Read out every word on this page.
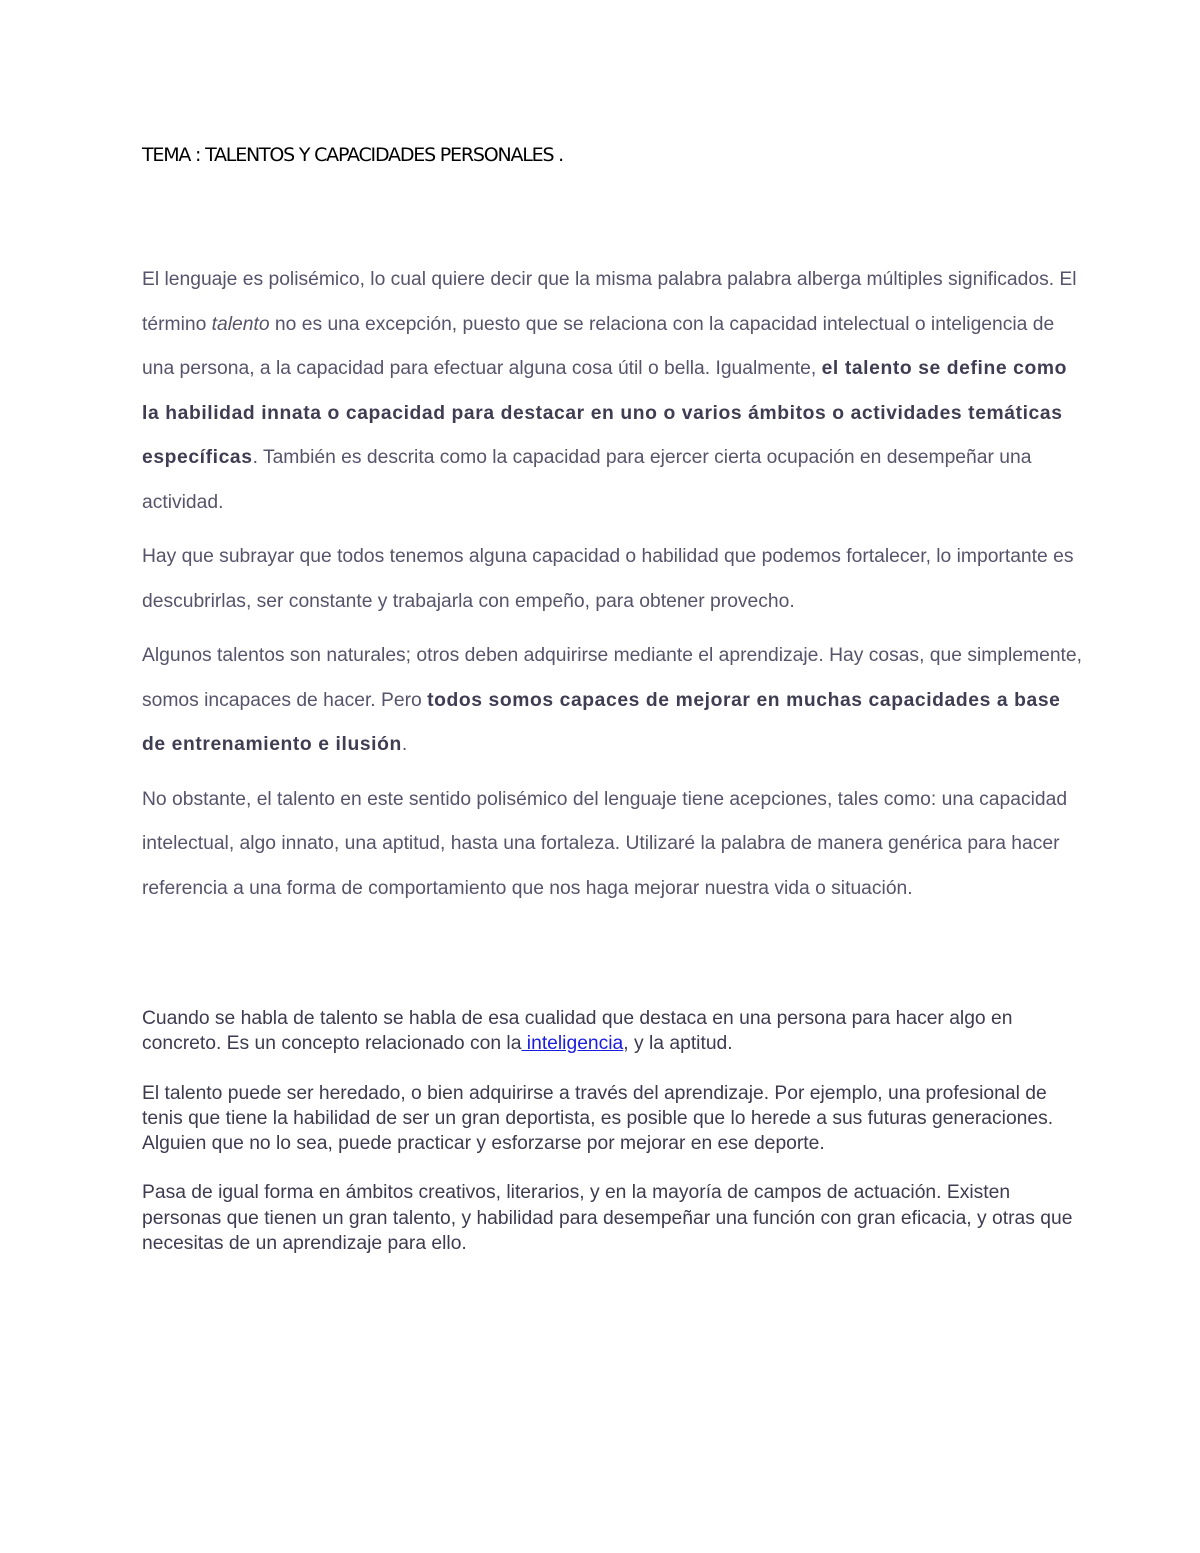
TEMA : TALENTOS Y CAPACIDADES PERSONALES .

El lenguaje es polisémico, lo cual quiere decir que la misma palabra palabra alberga múltiples significados. El término talento no es una excepción, puesto que se relaciona con la capacidad intelectual o inteligencia de una persona, a la capacidad para efectuar alguna cosa útil o bella. Igualmente, el talento se define como la habilidad innata o capacidad para destacar en uno o varios ámbitos o actividades temáticas específicas. También es descrita como la capacidad para ejercer cierta ocupación en desempeñar una actividad.

Hay que subrayar que todos tenemos alguna capacidad o habilidad que podemos fortalecer, lo importante es descubrirlas, ser constante y trabajarla con empeño, para obtener provecho.

Algunos talentos son naturales; otros deben adquirirse mediante el aprendizaje. Hay cosas, que simplemente, somos incapaces de hacer. Pero todos somos capaces de mejorar en muchas capacidades a base de entrenamiento e ilusión.

No obstante, el talento en este sentido polisémico del lenguaje tiene acepciones, tales como: una capacidad intelectual, algo innato, una aptitud, hasta una fortaleza. Utilizaré la palabra de manera genérica para hacer referencia a una forma de comportamiento que nos haga mejorar nuestra vida o situación.

Cuando se habla de talento se habla de esa cualidad que destaca en una persona para hacer algo en concreto. Es un concepto relacionado con la inteligencia, y la aptitud.

El talento puede ser heredado, o bien adquirirse a través del aprendizaje. Por ejemplo, una profesional de tenis que tiene la habilidad de ser un gran deportista, es posible que lo herede a sus futuras generaciones. Alguien que no lo sea, puede practicar y esforzarse por mejorar en ese deporte.

Pasa de igual forma en ámbitos creativos, literarios, y en la mayoría de campos de actuación. Existen personas que tienen un gran talento, y habilidad para desempeñar una función con gran eficacia, y otras que necesitas de un aprendizaje para ello.
